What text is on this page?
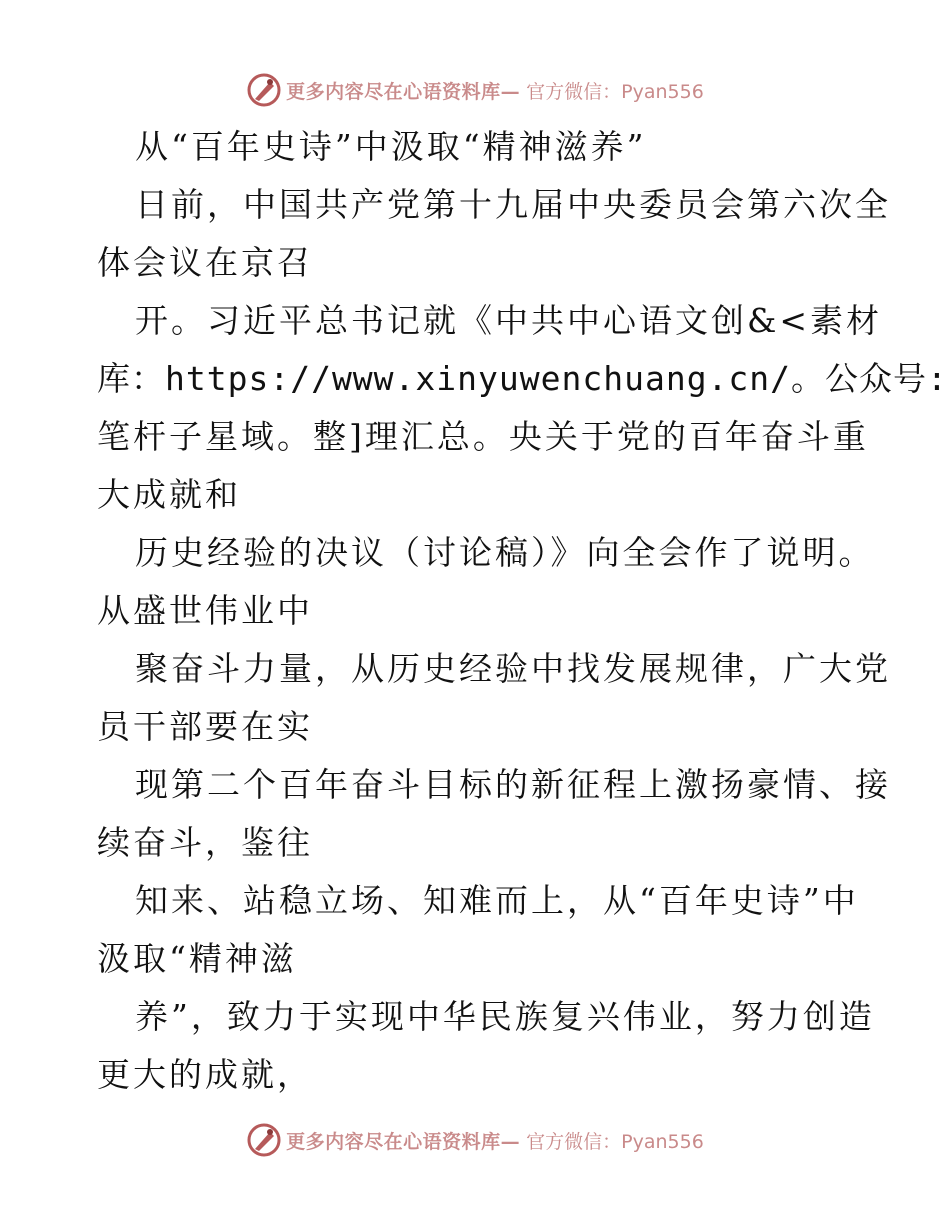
更多内容尽在心语资料库— 官方微信：Pyan556
从“百年史诗”中汲取“精神滋养”
日前，中国共产党第十九届中央委员会第六次全
体会议在京召
开。习近平总书记就《中共中心语文创&<素材
库：https://www.xinyuwenchuang.cn/。公众号:
笔杆子星域。整]理汇总。央关于党的百年奋斗重
大成就和
历史经验的决议（讨论稿）》向全会作了说明。
从盛世伟业中
聚奋斗力量，从历史经验中找发展规律，广大党
员干部要在实
现第二个百年奋斗目标的新征程上激扬豪情、接
续奋斗，鉴往
知来、站稳立场、知难而上，从“百年史诗”中
汲取“精神滋
养”，致力于实现中华民族复兴伟业，努力创造
更大的成就，
更多内容尽在心语资料库— 官方微信：Pyan556
